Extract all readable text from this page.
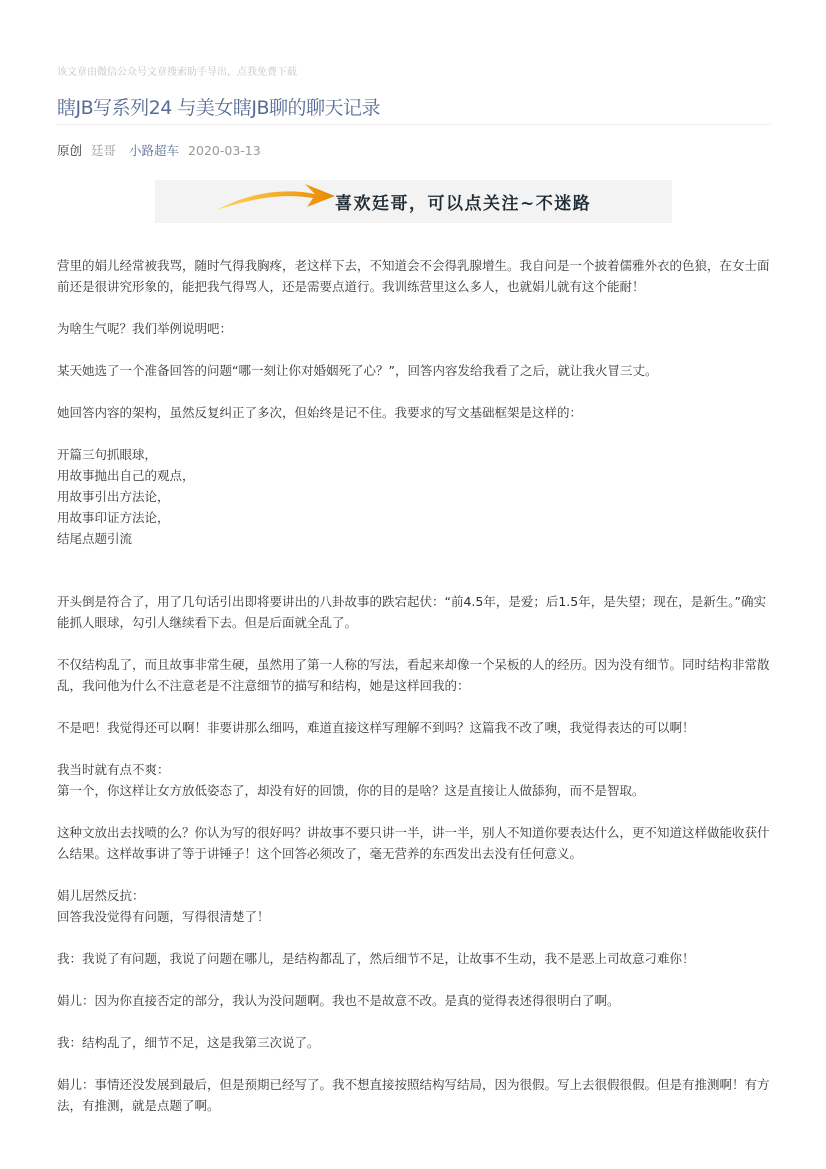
该文章由微信公众号文章搜索助手导出，点我免费下载
瞎JB写系列24 与美女瞎JB聊的聊天记录
原创 廷哥 小路超车 2020-03-13
喜欢廷哥，可以点关注~不迷路

营里的娟儿经常被我骂，随时气得我胸疼，老这样下去，不知道会不会得乳腺增生。我自问是一个披着儒雅外衣的色狼，在女士面前还是很讲究形象的，能把我气得骂人，还是需要点道行。我训练营里这么多人，也就娟儿就有这个能耐！

为啥生气呢？我们举例说明吧：

某天她选了一个准备回答的问题“哪一刻让你对婚姻死了心？”，回答内容发给我看了之后，就让我火冒三丈。

她回答内容的架构，虽然反复纠正了多次，但始终是记不住。我要求的写文基础框架是这样的：

开篇三句抓眼球，

用故事抛出自己的观点，

用故事引出方法论，

用故事印证方法论，

结尾点题引流

开头倒是符合了，用了几句话引出即将要讲出的八卦故事的跌宕起伏：“前4.5年，是爱；后1.5年，是失望；现在，是新生。”确实能抓人眼球，勾引人继续看下去。但是后面就全乱了。

不仅结构乱了，而且故事非常生硬，虽然用了第一人称的写法，看起来却像一个呆板的人的经历。因为没有细节。同时结构非常散乱，我问他为什么不注意老是不注意细节的描写和结构，她是这样回我的：

不是吧！我觉得还可以啊！非要讲那么细吗，难道直接这样写理解不到吗？这篇我不改了噢，我觉得表达的可以啊！

我当时就有点不爽：

第一个，你这样让女方放低姿态了，却没有好的回馈，你的目的是啥？这是直接让人做舔狗，而不是智取。

这种文放出去找喷的么？你认为写的很好吗？讲故事不要只讲一半，讲一半，别人不知道你要表达什么，更不知道这样做能收获什么结果。这样故事讲了等于讲锤子！这个回答必须改了，毫无营养的东西发出去没有任何意义。

娟儿居然反抗：

回答我没觉得有问题，写得很清楚了！

我：我说了有问题，我说了问题在哪儿，是结构都乱了，然后细节不足，让故事不生动，我不是恶上司故意刁难你！

娟儿：因为你直接否定的部分，我认为没问题啊。我也不是故意不改。是真的觉得表述得很明白了啊。

我：结构乱了，细节不足，这是我第三次说了。

娟儿：事情还没发展到最后，但是预期已经写了。我不想直接按照结构写结局，因为很假。写上去很假很假。但是有推测啊！有方法，有推测，就是点题了啊。
